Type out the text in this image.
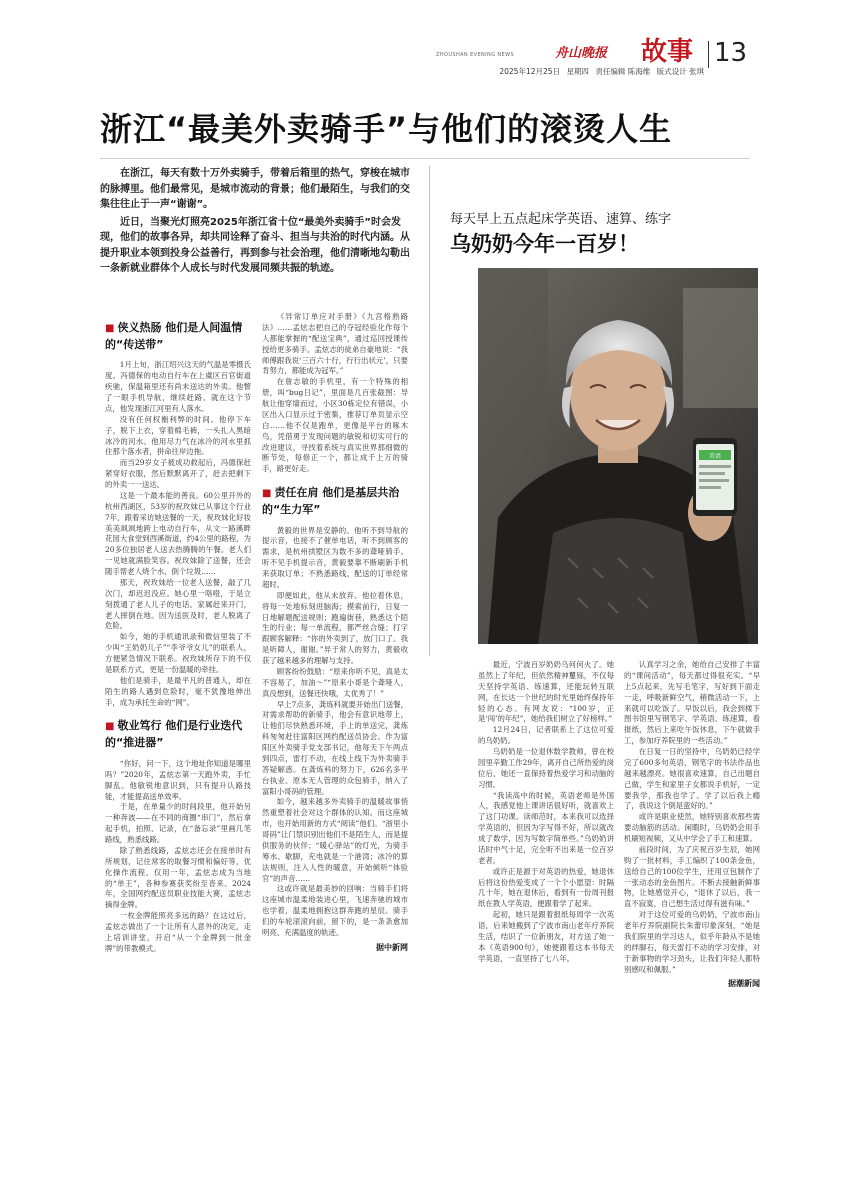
ZHOUSHAN EVENING NEWS	舟山晚报 故事 13
2025年12月25日 星期四 责任编辑 陈海维 版式设计 张琪
浙江“最美外卖骑手”与他们的滚烫人生

在浙江，每天有数十万外卖骑手，带着后箱里的热气，穿梭在城市的脉搏里。他们最常见，是城市流动的背景；他们最陌生，与我们的交集往往止于一声“谢谢”。

近日，当聚光灯照亮2025年浙江省十位“最美外卖骑手”时会发现，他们的故事各异，却共同诠释了奋斗、担当与共治的时代内涵。从提升职业本领到投身公益善行，再到参与社会治理，他们清晰地勾勒出一条新就业群体个人成长与时代发展同频共振的轨迹。

■ 侠义热肠 他们是人间温情的“传送带”

1月上旬，浙江绍兴这天的气温是零摄氏度。冯德保的电动自行车在上虞区百官街道疾驰，保温箱里还有尚未送达的外卖。他瞥了一眼手机导航，继续赶路。就在这个节点，他发现浙江河里有人落水。

没有任何权衡利弊的时间。他停下车子，脱下上衣，穿着棉毛裤，一头扎入黑暗冰冷的河水。他用尽力气在冰冷的河水里抓住那个落水者，拼命往岸边拖。

而当29岁女子被成功救起后，冯德保赶紧穿好衣服，然后默默离开了，赶去把剩下的外卖一一送达。

这是一个最本能的善良。60公里开外的杭州西湖区，53岁的祝玫妹已从事这个行业7年，跟着采访她送餐的一天，祝玫妹化好妆美美飒飒地跨上电动自行车，从文一路溪畔花园大食堂到西溪街道，约4公里的路程，为20多位独居老人送去热腾腾的午餐。老人们一见她就满脸笑容。祝玫妹除了送餐，还会随手帮老人烧个水、倒个垃圾……

那天，祝玫妹给一位老人送餐，敲了几次门，却迟迟没应。她心里一咯噔，于是立刻拨通了老人儿子的电话。家属赶来开门，老人摔倒在地。因为送医及时，老人脱离了危险。

如今，她的手机通讯录和微信里装了不少叫“王奶奶儿子”“李爷爷女儿”的联系人，方便紧急情况下联系。祝玫妹所存下的不仅是联系方式，更是一份温暖的牵挂。

他们是骑手，是最平凡的普通人，却在陌生的路人遇到危险时，毫不犹豫地伸出手，成为承托生命的“网”。

■ 敬业笃行 他们是行业迭代的“推进器”

“你好，问一下，这个地址你知道是哪里吗？”2020年，孟炫志第一天跑外卖，手忙脚乱。他敏锐地意识到，只有提升认路技能，才能提高送单效率。

于是，在单量少的时间段里，他开始另一种奔波——在不同的商圈“串门”，然后拿起手机，拍照、记录，在“备忘录”里画几笔路线，熟悉线路。

除了熟悉线路，孟炫志还会在接单时有所规划，记住常客的取餐习惯和偏好等，优化操作流程。仅用一年，孟炫志成为当地的“单王”，各种参赛获奖纷至沓来。2024年，全国网约配送员职业技能大赛，孟炫志摘得金牌。

一枚金牌能照亮多远的路？在这过后，孟炫志做出了一个让所有人意外的决定，走上培训讲堂，开启“从一个金牌到一批金牌”的带教模式。

《异常订单应对手册》《九宫格熟路法》……孟炫志把自己的夺冠经验化作每个人都能掌握的“配送宝典”，通过巡回授课传授给更多骑手。孟炫志的徒弟自豪地说：“我师傅跟我说‘三百六十行，行行出状元’，只要肯努力，都能成为冠军。”

在詹志敏的手机里，有一个特殊的相册，叫“bug日记”，里面是几百张截图：导航让他穿墙而过，小区30栋定位有错误，小区出入口显示过于密集，推荐订单页显示空白……他不仅是跑单，更像是平台的啄木鸟，凭借勇于发现问题的敏锐和切实可行的改进建议，寻找着系统与真实世界那细微的断节处，每修正一个，都让成千上万的骑手，路更好走。

■ 责任在肩 他们是基层共治的“生力军”

黄毅的世界是安静的。他听不到导航的提示音，也接不了催单电话，听不到顾客的需求，是杭州拱墅区为数不多的聋哑骑手。听不见手机提示音，黄毅要靠不断刷新手机来获取订单；不熟悉路线，配送的订单经常超时。

即便如此，他从未放弃。他拉着休息，将每一处地标刻进脑海；摸索前行，日复一日地解题配送规则；跑遍街巷，熟悉这个陌生的行业；每一单流程，都严丝合缝；打字跟顾客解释：“你的外卖到了，放门口了。我是听障人，谢谢。”异于常人的努力，黄毅收获了越来越多的理解与支持。

顾客纷纷鼓励：“原来你听不见，真是太不容易了，加油～”“原来小哥是个聋哑人，真没想到，送餐还快哦，太优秀了！”

早上7点多，龚炼科就要开始出门送餐，对需求帮助的新骑手，他会有意识地带上，让他们尽快熟悉环境，手上的单送完，龚炼科匆匆赶往富阳区网约配送员协会。作为富阳区外卖骑手党支部书记，他每天下午两点到四点，雷打不动，在线上线下为外卖骑手答疑解惑。在龚炼科的努力下，626名多平台执业、原本无人管理的众包骑手，纳入了富阳小哥码的管理。

如今，越来越多外卖骑手的温暖故事悄然重塑着社会对这个群体的认知。而这座城市，也开始用新的方式“阅读”他们。“浙里小哥码”让门禁识别出他们不是陌生人，而是提供服务的伙伴；“暖心驿站”的灯光，为骑手筹水、歇脚，充电就是一个港湾；冰冷的算法规则，注入人性的暖意，开始倾听“体验官”的声音……

这或许就是最美妙的回响：当骑手们将这座城市温柔地装进心里，飞速奔驰的城市也学着，温柔地拥抱这群奔跑的星辰。骑手们的车轮滚滚向前，留下的，是一条条愈加明亮、充满温度的轨迹。

据中新网
每天早上五点起床学英语、速算、练字
乌奶奶今年一百岁！
英语

最近，宁波百岁奶奶乌何何火了。她虽然上了年纪，但依然精神矍铄，不仅每天坚持学英语、练速算，还能玩转互联网，在长达一个世纪的时光里始终保持年轻的心态。有网友说：“100岁，正是‘闯’的年纪”，她给我们树立了好榜样。”

12月24日，记者联系上了这位可爱的乌奶奶。

乌奶奶是一位退休数学教师，曾在校园里辛勤工作29年，离开自己所热爱的岗位后，她还一直保持着热爱学习和动脑的习惯。

“我读高中的时候，英语老师是外国人，我感觉他上课讲话很好听，就喜欢上了这门功课。读师范时，本来我可以选择学英语的，但因为字写得不好，所以就改成了数学，因为写数字简单些。”乌奶奶讲话时中气十足，完全听不出来是一位百岁老者。

或许正是源于对英语的热爱，她退休后将这份热爱变成了一个个小愿望：时隔几十年，她在退休后，看到有一份周刊报纸在教人学英语，便跟着学了起来。

起初，她只是跟着报纸每周学一次英语，后来她搬到了宁波市南山老年疗养院生活，结识了一位新朋友，对方送了她一本《英语900句》，她便跟着这本书每天学英语，一直坚持了七八年。

认真学习之余，她给自己安排了丰富的“课间活动”，每天都过得很充实。“早上5点起来，先写毛笔字，写好到下面走一走，呼吸新鲜空气，稍微活动一下，上来就可以吃饭了。早饭以后，我会到楼下图书馆里写钢笔字、学英语、练速算，看报纸，然后上来吃午饭休息，下午就做手工，参加疗养院里的一些活动。”

在日复一日的坚持中，乌奶奶已经学完了600多句英语，钢笔字的书法作品也越来越漂亮。她很喜欢速算，自己出题自己做，学生和家里子女都说手机好，一定要我学，那我也学了。学了以后我上瘾了，我说这个倒是蛮好的。”

或许是职业使然，她特别喜欢那些需要动脑筋的活动。闲暇时，乌奶奶会用手机刷短视频，又从中学会了手工和速算。

前段时间，为了庆祝百岁生辰，她网购了一批材料，手工编织了100条金鱼，送给自己的100位学生，还用豆包制作了一张动态的金鱼图片。不断去接触新鲜事物，让她感觉开心，“退休了以后，我一直不寂寞，自己想生活过得有滋有味。”

对于这位可爱的乌奶奶，宁波市南山老年疗养院副院长朱蕾印象深刻，“她是我们院里的学习达人，似乎年龄从不是她的绊脚石，每天雷打不动的学习安排，对于新事物的学习劲头，让我们年轻人都特别感叹和佩服。”

据潮新闻
